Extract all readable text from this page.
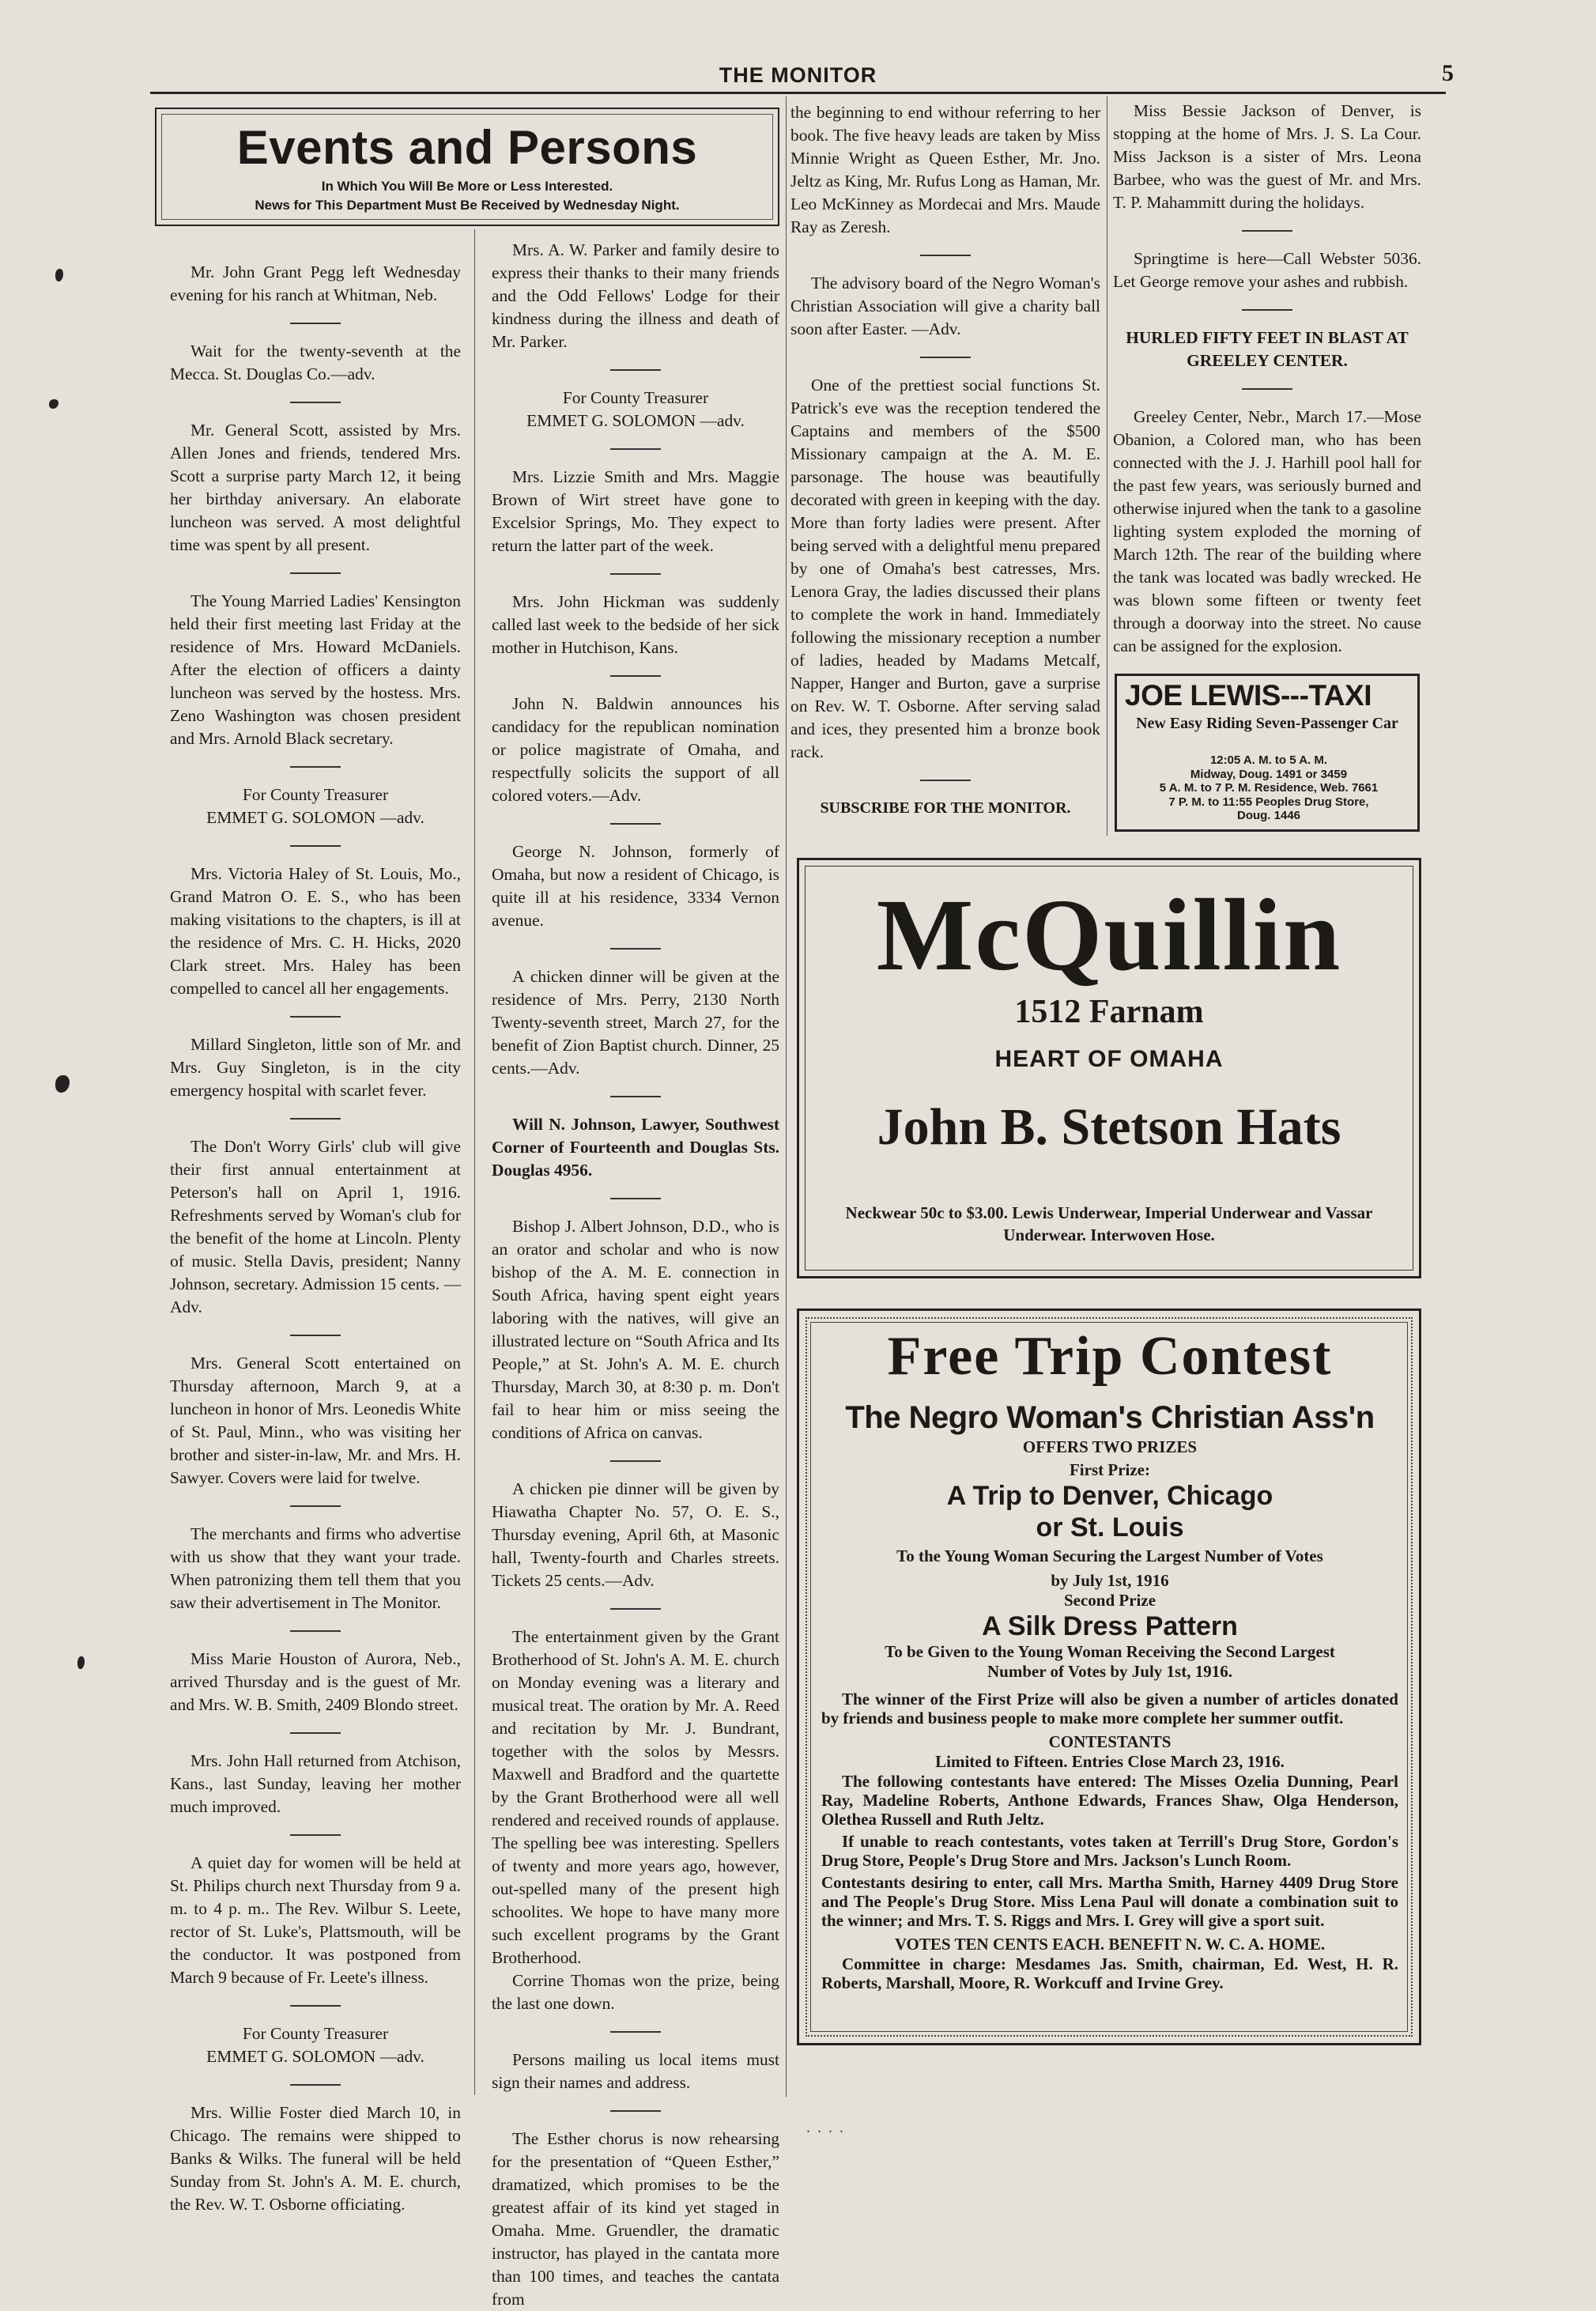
THE MONITOR	5
Events and Persons
In Which You Will Be More or Less Interested.
News for This Department Must Be Received by Wednesday Night.

Mr. John Grant Pegg left Wednesday evening for his ranch at Whitman, Neb.

Wait for the twenty-seventh at the Mecca. St. Douglas Co.—adv.

Mr. General Scott, assisted by Mrs. Allen Jones and friends, tendered Mrs. Scott a surprise party March 12, it being her birthday aniversary. An elaborate luncheon was served. A most delightful time was spent by all present.

The Young Married Ladies' Kensington held their first meeting last Friday at the residence of Mrs. Howard McDaniels. After the election of officers a dainty luncheon was served by the hostess. Mrs. Zeno Washington was chosen president and Mrs. Arnold Black secretary.

For County Treasurer

EMMET G. SOLOMON —adv.

Mrs. Victoria Haley of St. Louis, Mo., Grand Matron O. E. S., who has been making visitations to the chapters, is ill at the residence of Mrs. C. H. Hicks, 2020 Clark street. Mrs. Haley has been compelled to cancel all her engagements.

Millard Singleton, little son of Mr. and Mrs. Guy Singleton, is in the city emergency hospital with scarlet fever.

The Don't Worry Girls' club will give their first annual entertainment at Peterson's hall on April 1, 1916. Refreshments served by Woman's club for the benefit of the home at Lincoln. Plenty of music. Stella Davis, president; Nanny Johnson, secretary. Admission 15 cents. —Adv.

Mrs. General Scott entertained on Thursday afternoon, March 9, at a luncheon in honor of Mrs. Leonedis White of St. Paul, Minn., who was visiting her brother and sister-in-law, Mr. and Mrs. H. Sawyer. Covers were laid for twelve.

The merchants and firms who advertise with us show that they want your trade. When patronizing them tell them that you saw their advertisement in The Monitor.

Miss Marie Houston of Aurora, Neb., arrived Thursday and is the guest of Mr. and Mrs. W. B. Smith, 2409 Blondo street.

Mrs. John Hall returned from Atchison, Kans., last Sunday, leaving her mother much improved.

A quiet day for women will be held at St. Philips church next Thursday from 9 a. m. to 4 p. m.. The Rev. Wilbur S. Leete, rector of St. Luke's, Plattsmouth, will be the conductor. It was postponed from March 9 because of Fr. Leete's illness.

For County Treasurer

EMMET G. SOLOMON —adv.

Mrs. Willie Foster died March 10, in Chicago. The remains were shipped to Banks & Wilks. The funeral will be held Sunday from St. John's A. M. E. church, the Rev. W. T. Osborne officiating.

Mrs. A. W. Parker and family desire to express their thanks to their many friends and the Odd Fellows' Lodge for their kindness during the illness and death of Mr. Parker.

For County Treasurer

EMMET G. SOLOMON —adv.

Mrs. Lizzie Smith and Mrs. Maggie Brown of Wirt street have gone to Excelsior Springs, Mo. They expect to return the latter part of the week.

Mrs. John Hickman was suddenly called last week to the bedside of her sick mother in Hutchison, Kans.

John N. Baldwin announces his candidacy for the republican nomination or police magistrate of Omaha, and respectfully solicits the support of all colored voters.—Adv.

George N. Johnson, formerly of Omaha, but now a resident of Chicago, is quite ill at his residence, 3334 Vernon avenue.

A chicken dinner will be given at the residence of Mrs. Perry, 2130 North Twenty-seventh street, March 27, for the benefit of Zion Baptist church. Dinner, 25 cents.—Adv.

Will N. Johnson, Lawyer, Southwest Corner of Fourteenth and Douglas Sts. Douglas 4956.

Bishop J. Albert Johnson, D.D., who is an orator and scholar and who is now bishop of the A. M. E. connection in South Africa, having spent eight years laboring with the natives, will give an illustrated lecture on “South Africa and Its People,” at St. John's A. M. E. church Thursday, March 30, at 8:30 p. m. Don't fail to hear him or miss seeing the conditions of Africa on canvas.

A chicken pie dinner will be given by Hiawatha Chapter No. 57, O. E. S., Thursday evening, April 6th, at Masonic hall, Twenty-fourth and Charles streets. Tickets 25 cents.—Adv.

The entertainment given by the Grant Brotherhood of St. John's A. M. E. church on Monday evening was a literary and musical treat. The oration by Mr. A. Reed and recitation by Mr. J. Bundrant, together with the solos by Messrs. Maxwell and Bradford and the quartette by the Grant Brotherhood were all well rendered and received rounds of applause. The spelling bee was interesting. Spellers of twenty and more years ago, however, out-spelled many of the present high schoolites. We hope to have many more such excellent programs by the Grant Brotherhood.

Corrine Thomas won the prize, being the last one down.

Persons mailing us local items must sign their names and address.

The Esther chorus is now rehearsing for the presentation of “Queen Esther,” dramatized, which promises to be the greatest affair of its kind yet staged in Omaha. Mme. Gruendler, the dramatic instructor, has played in the cantata more than 100 times, and teaches the cantata from

the beginning to end withour referring to her book. The five heavy leads are taken by Miss Minnie Wright as Queen Esther, Mr. Jno. Jeltz as King, Mr. Rufus Long as Haman, Mr. Leo McKinney as Mordecai and Mrs. Maude Ray as Zeresh.

The advisory board of the Negro Woman's Christian Association will give a charity ball soon after Easter. —Adv.

One of the prettiest social functions St. Patrick's eve was the reception tendered the Captains and members of the $500 Missionary campaign at the A. M. E. parsonage. The house was beautifully decorated with green in keeping with the day. More than forty ladies were present. After being served with a delightful menu prepared by one of Omaha's best catresses, Mrs. Lenora Gray, the ladies discussed their plans to complete the work in hand. Immediately following the missionary reception a number of ladies, headed by Madams Metcalf, Napper, Hanger and Burton, gave a surprise on Rev. W. T. Osborne. After serving salad and ices, they presented him a bronze book rack.

SUBSCRIBE FOR THE MONITOR.

Miss Bessie Jackson of Denver, is stopping at the home of Mrs. J. S. La Cour. Miss Jackson is a sister of Mrs. Leona Barbee, who was the guest of Mr. and Mrs. T. P. Mahammitt during the holidays.

Springtime is here—Call Webster 5036. Let George remove your ashes and rubbish.

HURLED FIFTY FEET IN BLAST AT GREELEY CENTER.

Greeley Center, Nebr., March 17.—Mose Obanion, a Colored man, who has been connected with the J. J. Harhill pool hall for the past few years, was seriously burned and otherwise injured when the tank to a gasoline lighting system exploded the morning of March 12th. The rear of the building where the tank was located was badly wrecked. He was blown some fifteen or twenty feet through a doorway into the street. No cause can be assigned for the explosion.

JOE LEWIS---TAXI
New Easy Riding Seven-Passenger Car
12:05 A. M. to 5 A. M.
Midway, Doug. 1491 or 3459
5 A. M. to 7 P. M. Residence, Web. 7661
7 P. M. to 11:55 Peoples Drug Store,
Doug. 1446
McQuillin
1512 Farnam
HEART OF OMAHA
John B. Stetson Hats
Neckwear 50c to $3.00. Lewis Underwear, Imperial Underwear and Vassar Underwear. Interwoven Hose.
Free Trip Contest
The Negro Woman's Christian Ass'n
OFFERS TWO PRIZES
First Prize:
A Trip to Denver, Chicago
or St. Louis
To the Young Woman Securing the Largest Number of Votes
by July 1st, 1916
Second Prize
A Silk Dress Pattern
To be Given to the Young Woman Receiving the Second Largest
Number of Votes by July 1st, 1916.

The winner of the First Prize will also be given a number of articles donated by friends and business people to make more complete her summer outfit.

CONTESTANTS
Limited to Fifteen. Entries Close March 23, 1916.

The following contestants have entered: The Misses Ozelia Dunning, Pearl Ray, Madeline Roberts, Anthone Edwards, Frances Shaw, Olga Henderson, Olethea Russell and Ruth Jeltz.

If unable to reach contestants, votes taken at Terrill's Drug Store, Gordon's Drug Store, People's Drug Store and Mrs. Jackson's Lunch Room.

Contestants desiring to enter, call Mrs. Martha Smith, Harney 4409 Drug Store and The People's Drug Store. Miss Lena Paul will donate a combination suit to the winner; and Mrs. T. S. Riggs and Mrs. I. Grey will give a sport suit.

VOTES TEN CENTS EACH. BENEFIT N. W. C. A. HOME.

Committee in charge: Mesdames Jas. Smith, chairman, Ed. West, H. R. Roberts, Marshall, Moore, R. Workcuff and Irvine Grey.

. . . .
